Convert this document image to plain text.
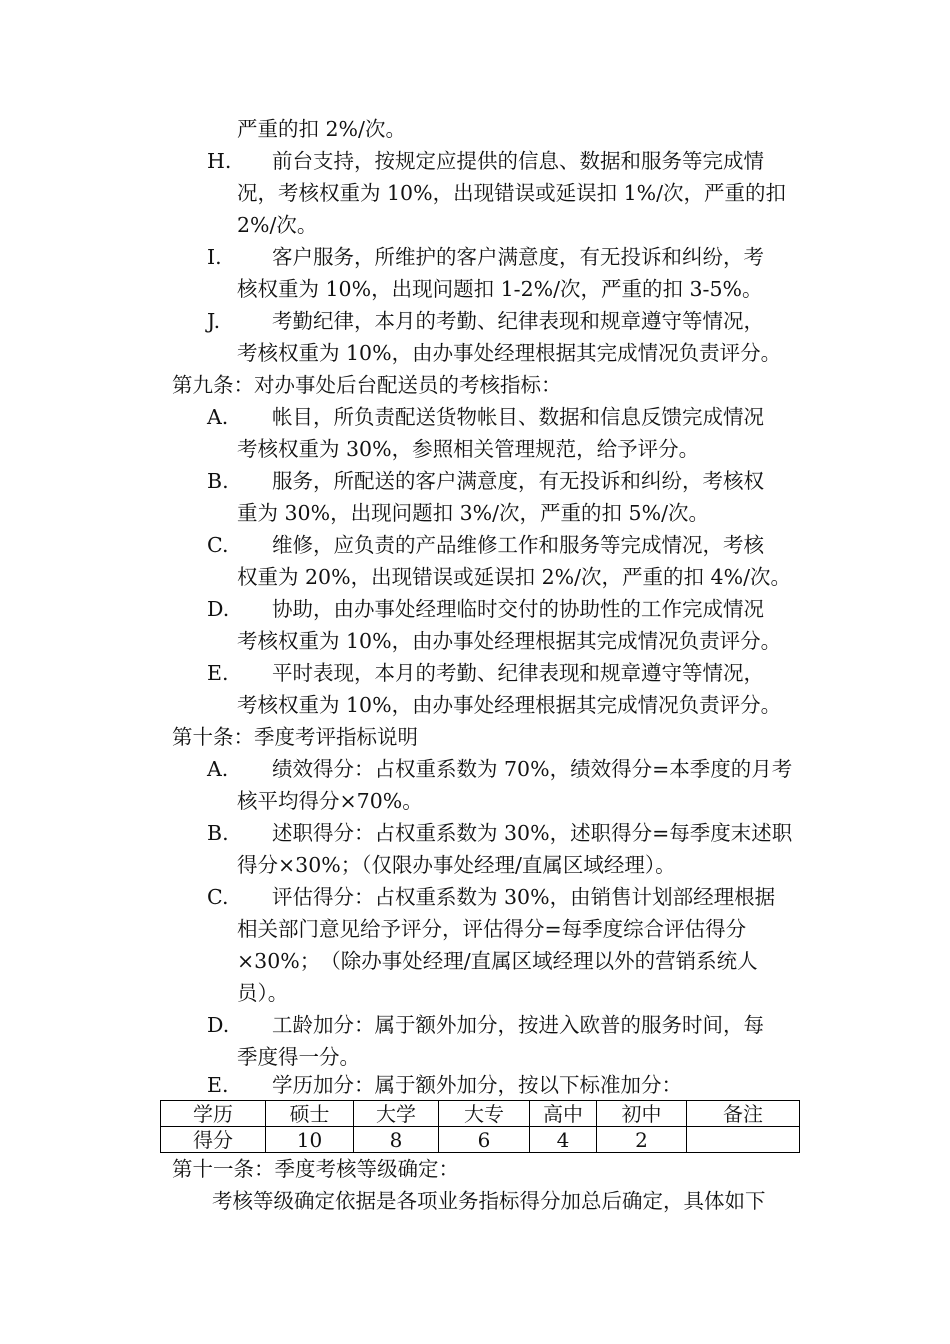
严重的扣 2%/次。
H. 前台支持，按规定应提供的信息、数据和服务等完成情
况，考核权重为 10%，出现错误或延误扣 1%/次，严重的扣
2%/次。
I. 客户服务，所维护的客户满意度，有无投诉和纠纷，考
核权重为 10%，出现问题扣 1-2%/次，严重的扣 3-5%。
J.	考勤纪律，本月的考勤、纪律表现和规章遵守等情况，
考核权重为 10%，由办事处经理根据其完成情况负责评分。
第九条：对办事处后台配送员的考核指标：
A. 帐目，所负责配送货物帐目、数据和信息反馈完成情况
考核权重为 30%，参照相关管理规范，给予评分。
B. 服务，所配送的客户满意度，有无投诉和纠纷，考核权
重为 30%，出现问题扣 3%/次，严重的扣 5%/次。
C. 维修，应负责的产品维修工作和服务等完成情况，考核
权重为 20%，出现错误或延误扣 2%/次，严重的扣 4%/次。
D. 协助，由办事处经理临时交付的协助性的工作完成情况
考核权重为 10%，由办事处经理根据其完成情况负责评分。
E. 平时表现，本月的考勤、纪律表现和规章遵守等情况，
考核权重为 10%，由办事处经理根据其完成情况负责评分。
第十条：季度考评指标说明
A. 绩效得分：占权重系数为 70%，绩效得分=本季度的月考
核平均得分×70%。
B. 述职得分：占权重系数为 30%，述职得分=每季度末述职
得分×30%；（仅限办事处经理/直属区域经理）。
C. 评估得分：占权重系数为 30%，由销售计划部经理根据
相关部门意见给予评分，评估得分=每季度综合评估得分
×30%；　（除办事处经理/直属区域经理以外的营销系统人
员）。
D. 工龄加分：属于额外加分，按进入欧普的服务时间，每
季度得一分。
E. 学历加分：属于额外加分，按以下标准加分：
学历	硕士	大学	大专	高中	初中	备注
得分	10	8	6	4	2	
第十一条：季度考核等级确定：
考核等级确定依据是各项业务指标得分加总后确定，具体如下
